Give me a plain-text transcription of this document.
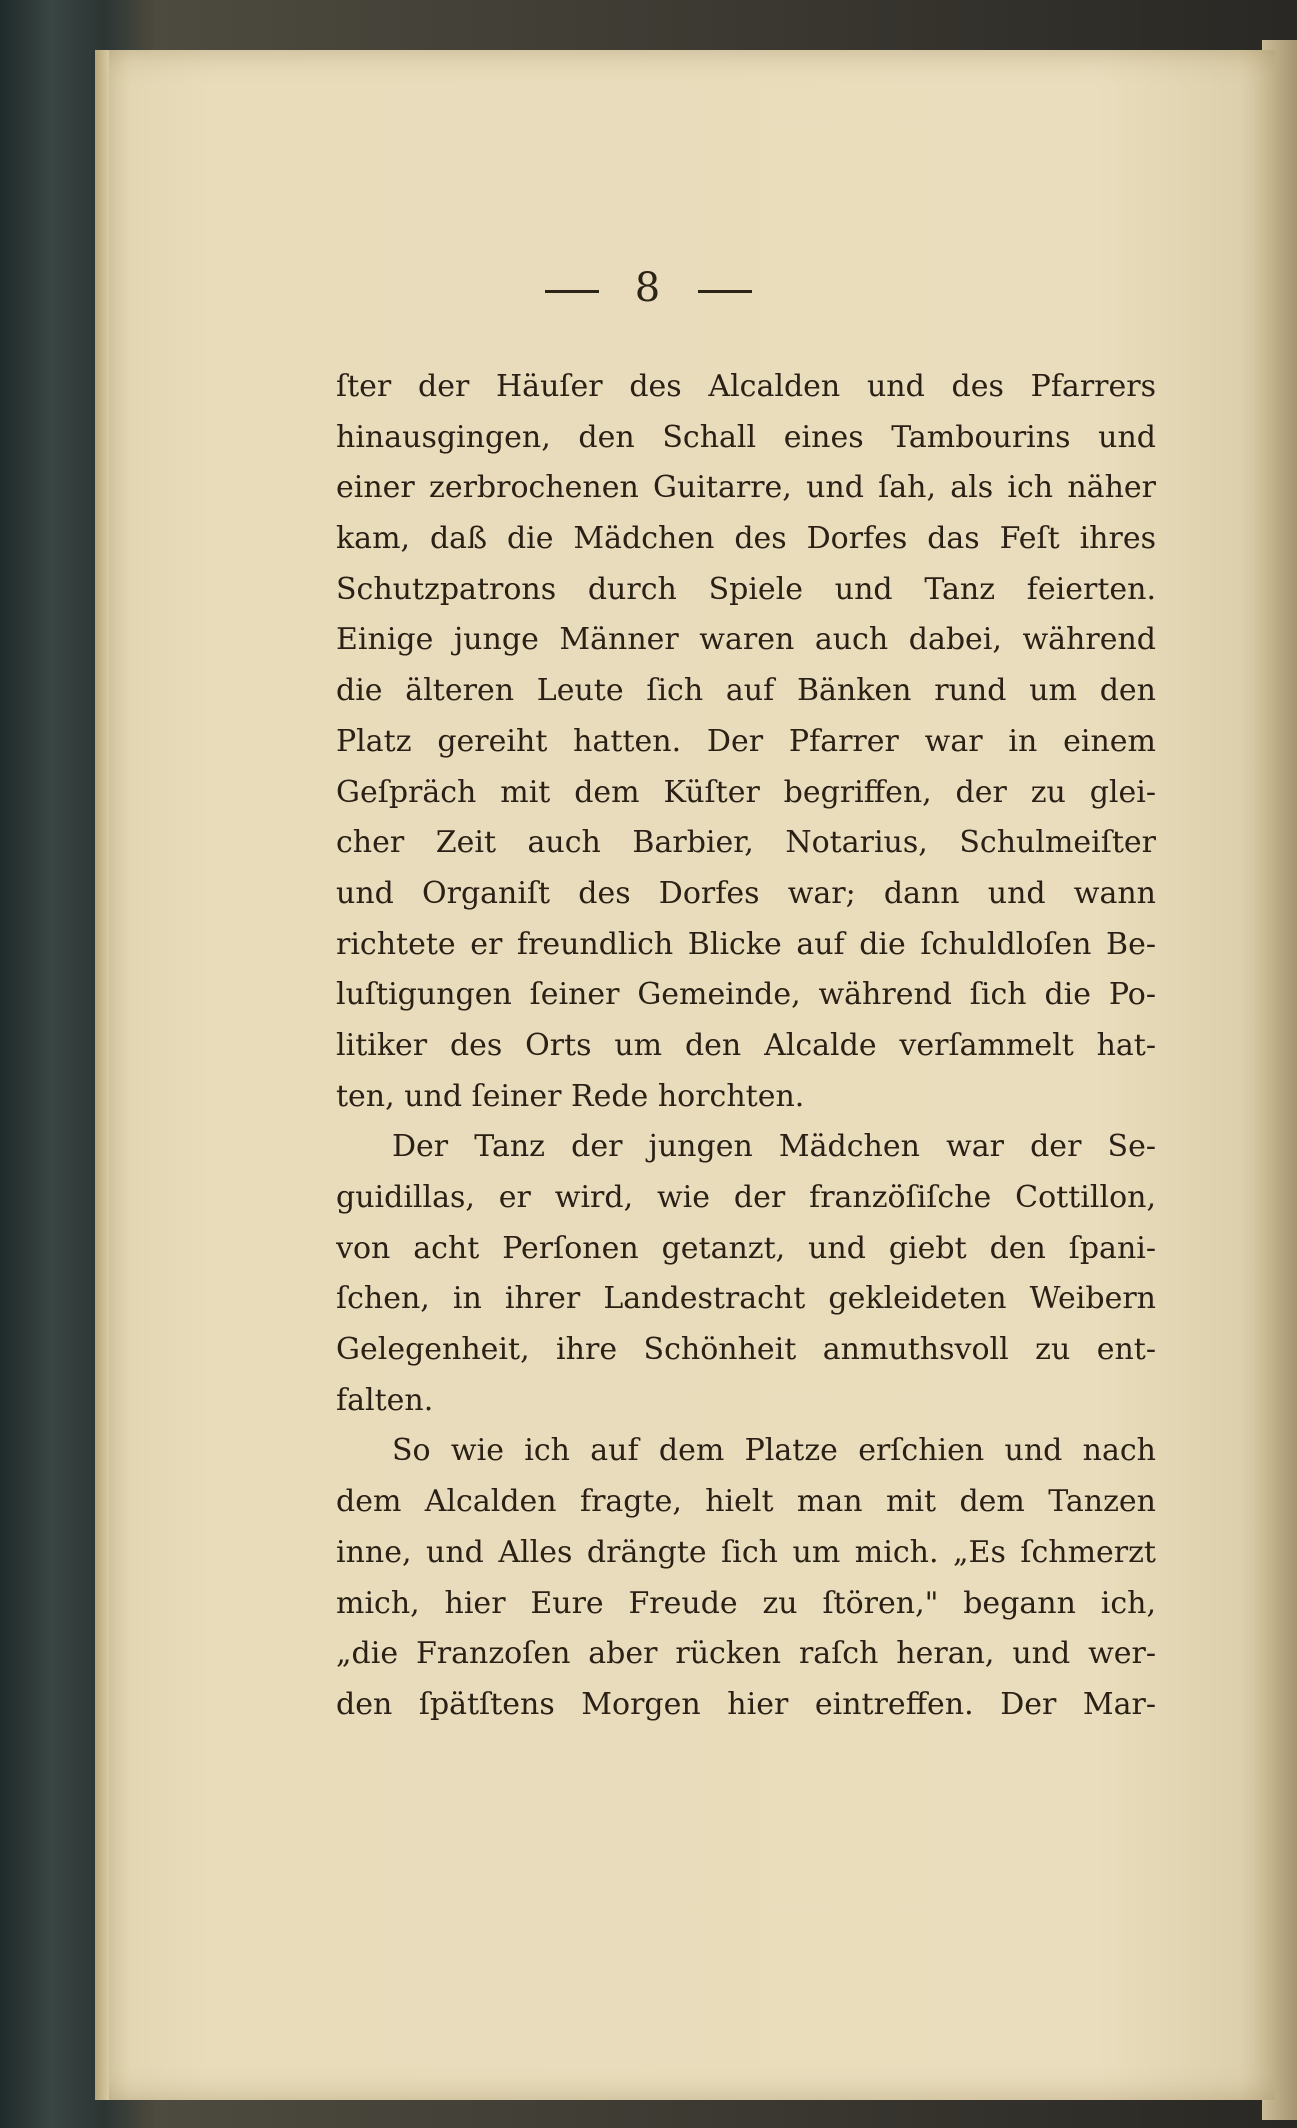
8
ſter der Häuſer des Alcalden und des Pfarrers
hinausgingen, den Schall eines Tambourins und
einer zerbrochenen Guitarre, und ſah, als ich näher
kam, daß die Mädchen des Dorfes das Feſt ihres
Schutzpatrons durch Spiele und Tanz feierten.
Einige junge Männer waren auch dabei, während
die älteren Leute ſich auf Bänken rund um den
Platz gereiht hatten. Der Pfarrer war in einem
Geſpräch mit dem Küſter begriffen, der zu glei-
cher Zeit auch Barbier, Notarius, Schulmeiſter
und Organiſt des Dorfes war; dann und wann
richtete er freundlich Blicke auf die ſchuldloſen Be-
luſtigungen ſeiner Gemeinde, während ſich die Po-
litiker des Orts um den Alcalde verſammelt hat-
ten, und ſeiner Rede horchten.
Der Tanz der jungen Mädchen war der Se-
guidillas, er wird, wie der franzöſiſche Cottillon,
von acht Perſonen getanzt, und giebt den ſpani-
ſchen, in ihrer Landestracht gekleideten Weibern
Gelegenheit, ihre Schönheit anmuthsvoll zu ent-
falten.
So wie ich auf dem Platze erſchien und nach
dem Alcalden fragte, hielt man mit dem Tanzen
inne, und Alles drängte ſich um mich. „Es ſchmerzt
mich, hier Eure Freude zu ſtören," begann ich,
„die Franzoſen aber rücken raſch heran, und wer-
den ſpätſtens Morgen hier eintreffen. Der Mar-
